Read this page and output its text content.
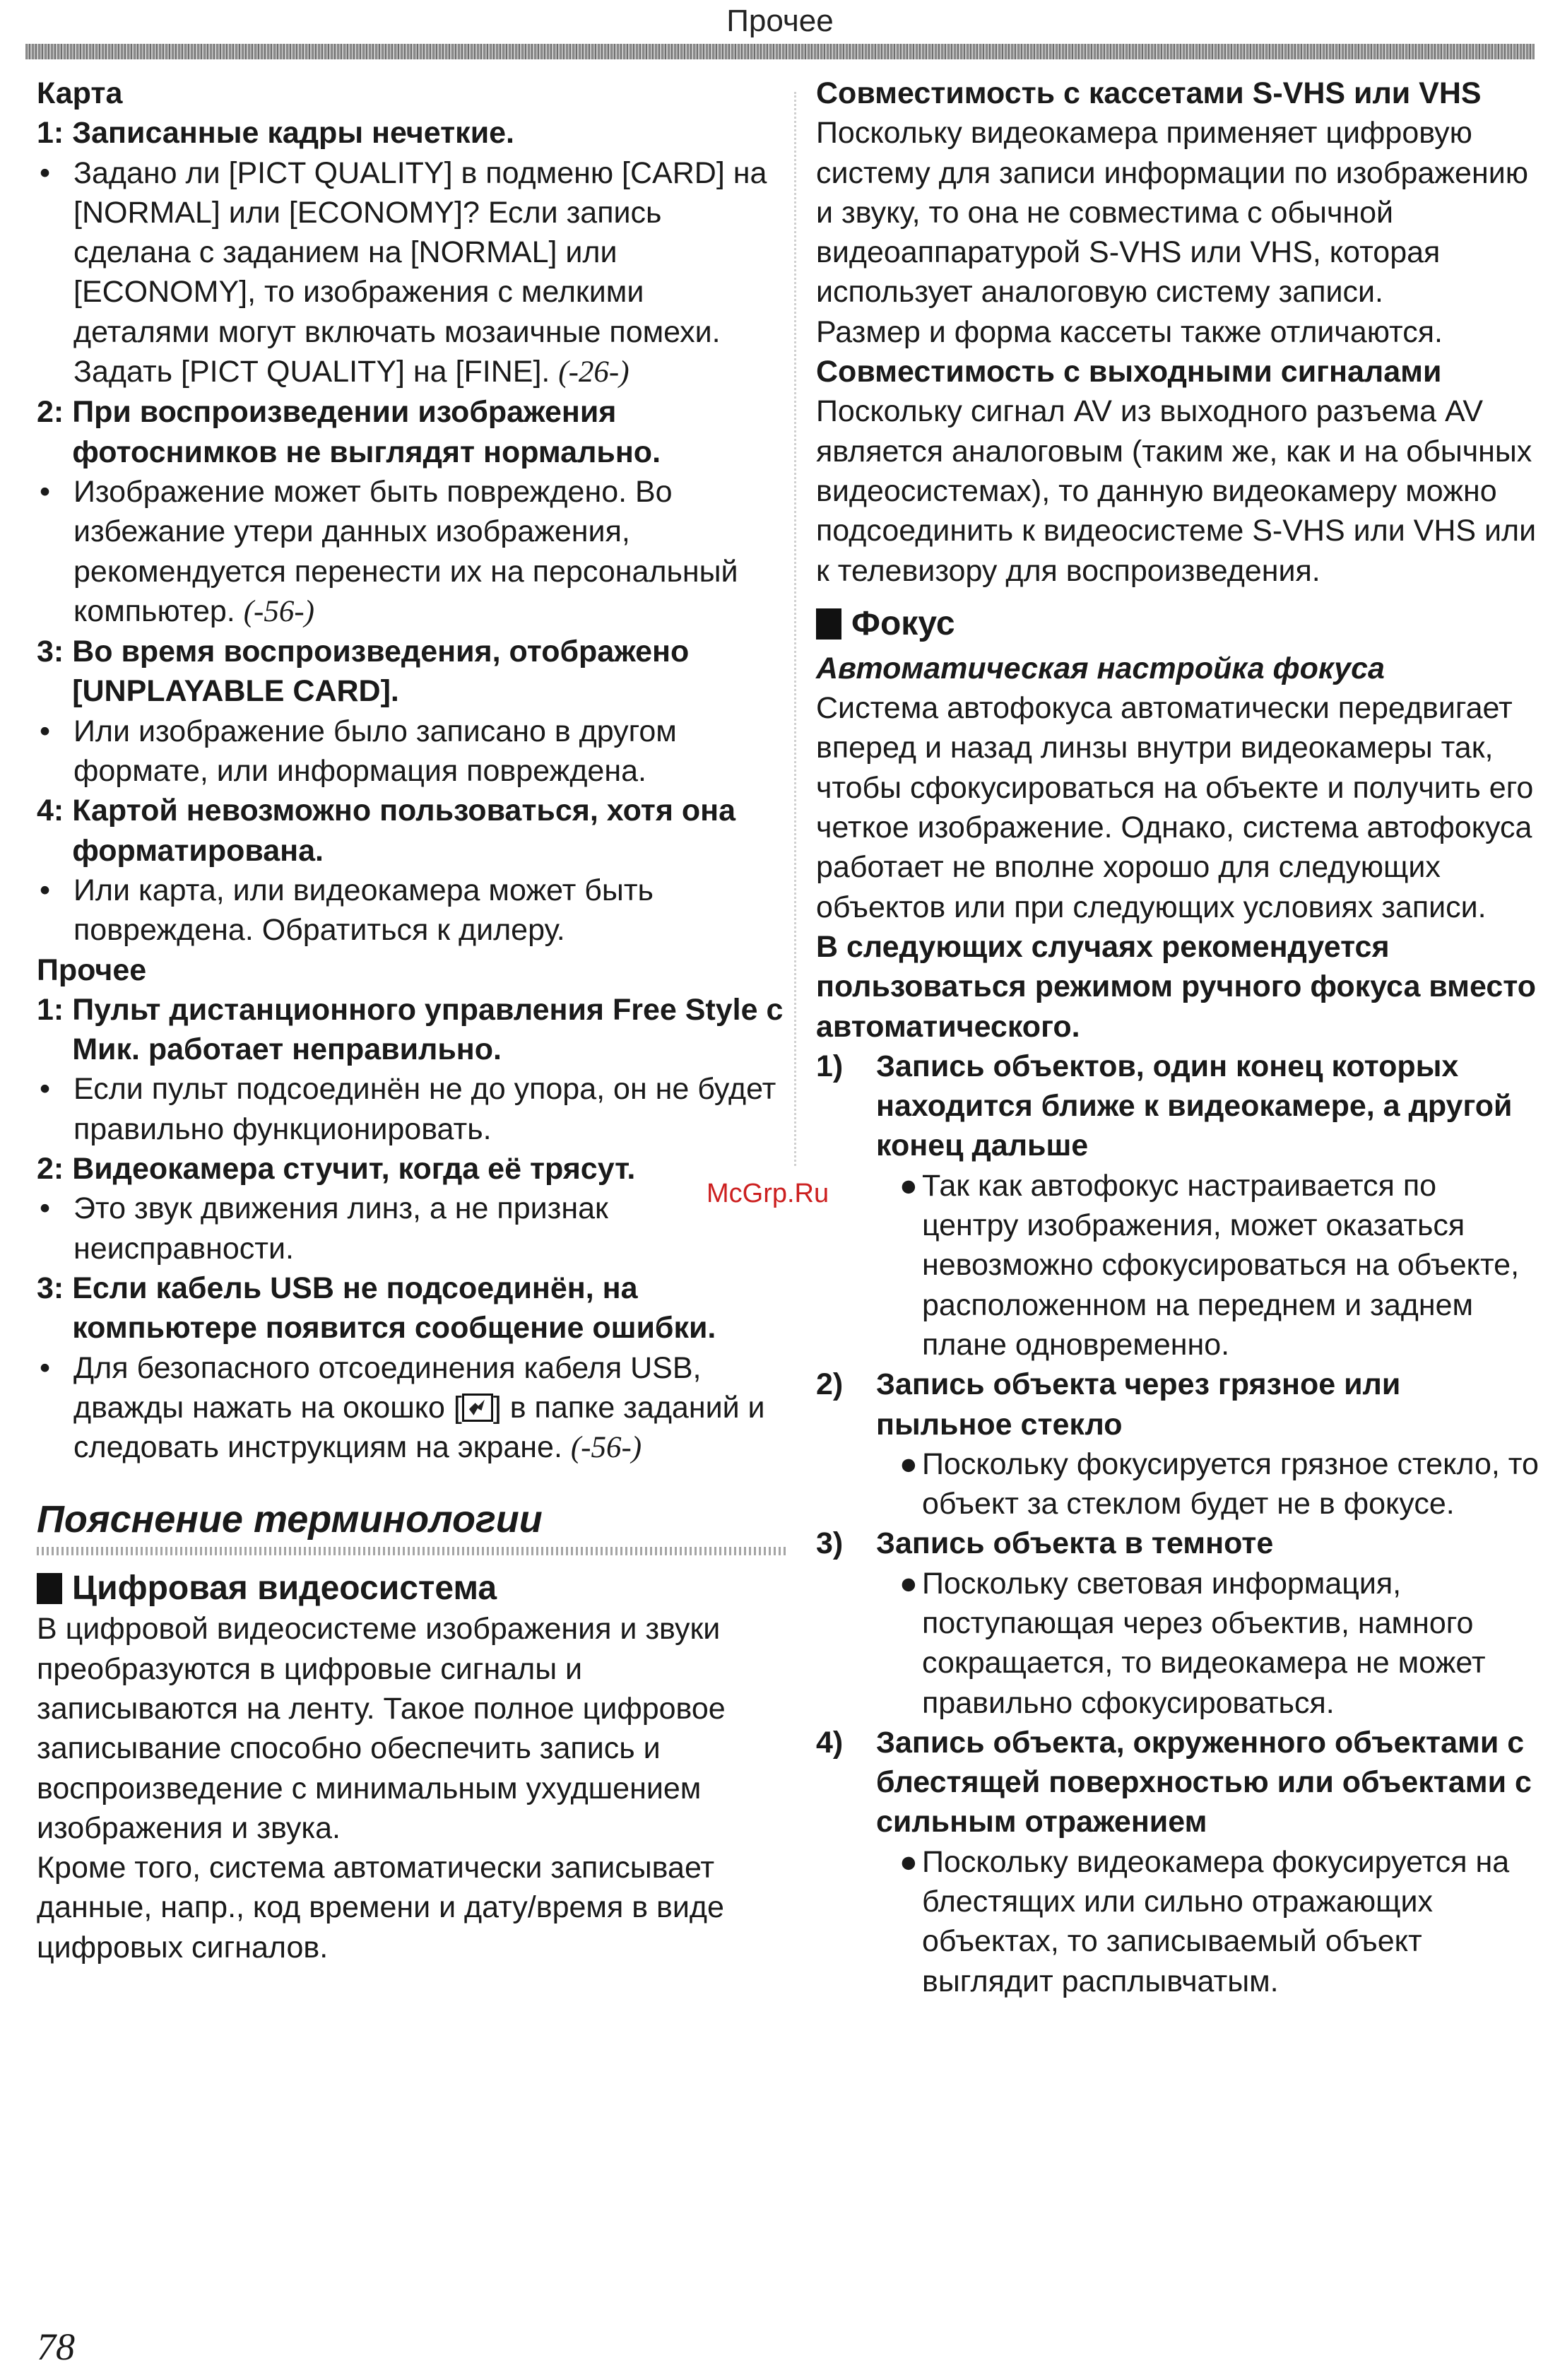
Прочее

Карта

1: Записанные кадры нечеткие.
• Задано ли [PICT QUALITY] в подменю [CARD] на [NORMAL] или [ECONOMY]? Если запись сделана с заданием на [NORMAL] или [ECONOMY], то изображения с мелкими деталями могут включать мозаичные помехи. Задать [PICT QUALITY] на [FINE]. (-26-)
2: При воспроизведении изображения фотоснимков не выглядят нормально.
• Изображение может быть повреждено. Во избежание утери данных изображения, рекомендуется перенести их на персональный компьютер. (-56-)
3: Во время воспроизведения, отображено [UNPLAYABLE CARD].
• Или изображение было записано в другом формате, или информация повреждена.
4: Картой невозможно пользоваться, хотя она форматирована.
• Или карта, или видеокамера может быть повреждена. Обратиться к дилеру.

Прочее

1: Пульт дистанционного управления Free Style с Мик. работает неправильно.
• Если пульт подсоединён не до упора, он не будет правильно функционировать.
2: Видеокамера стучит, когда её трясут.
• Это звук движения линз, а не признак неисправности.
3: Если кабель USB не подсоединён, на компьютере появится сообщение ошибки.
• Для безопасного отсоединения кабеля USB, дважды нажать на окошко [ ] в папке заданий и следовать инструкциям на экране. (-56-)

Пояснение терминологии

Цифровая видеосистема

В цифровой видеосистеме изображения и звуки преобразуются в цифровые сигналы и записываются на ленту. Такое полное цифровое записывание способно обеспечить запись и воспроизведение с минимальным ухудшением изображения и звука.

Кроме того, система автоматически записывает данные, напр., код времени и дату/время в виде цифровых сигналов.

Совместимость с кассетами S-VHS или VHS

Поскольку видеокамера применяет цифровую систему для записи информации по изображению и звуку, то она не совместима с обычной видеоаппаратурой S-VHS или VHS, которая использует аналоговую систему записи.

Размер и форма кассеты также отличаются.

Совместимость с выходными сигналами

Поскольку сигнал AV из выходного разъема AV является аналоговым (таким же, как и на обычных видеосистемах), то данную видеокамеру можно подсоединить к видеосистеме S-VHS или VHS или к телевизору для воспроизведения.

Фокус

Автоматическая настройка фокуса

Система автофокуса автоматически передвигает вперед и назад линзы внутри видеокамеры так, чтобы сфокусироваться на объекте и получить его четкое изображение. Однако, система автофокуса работает не вполне хорошо для следующих объектов или при следующих условиях записи.

В следующих случаях рекомендуется пользоваться режимом ручного фокуса вместо автоматического.

1)	Запись объектов, один конец которых находится ближе к видеокамере, а другой конец дальше
● Так как автофокус настраивается по центру изображения, может оказаться невозможно сфокусироваться на объекте, расположенном на переднем и заднем плане одновременно.
2)	Запись объекта через грязное или пыльное стекло
● Поскольку фокусируется грязное стекло, то объект за стеклом будет не в фокусе.
3)	Запись объекта в темноте
● Поскольку световая информация, поступающая через объектив, намного сокращается, то видеокамера не может правильно сфокусироваться.
4)	Запись объекта, окруженного объектами с блестящей поверхностью или объектами с сильным отражением
● Поскольку видеокамера фокусируется на блестящих или сильно отражающих объектах, то записываемый объект выглядит расплывчатым.
McGrp.Ru
78
